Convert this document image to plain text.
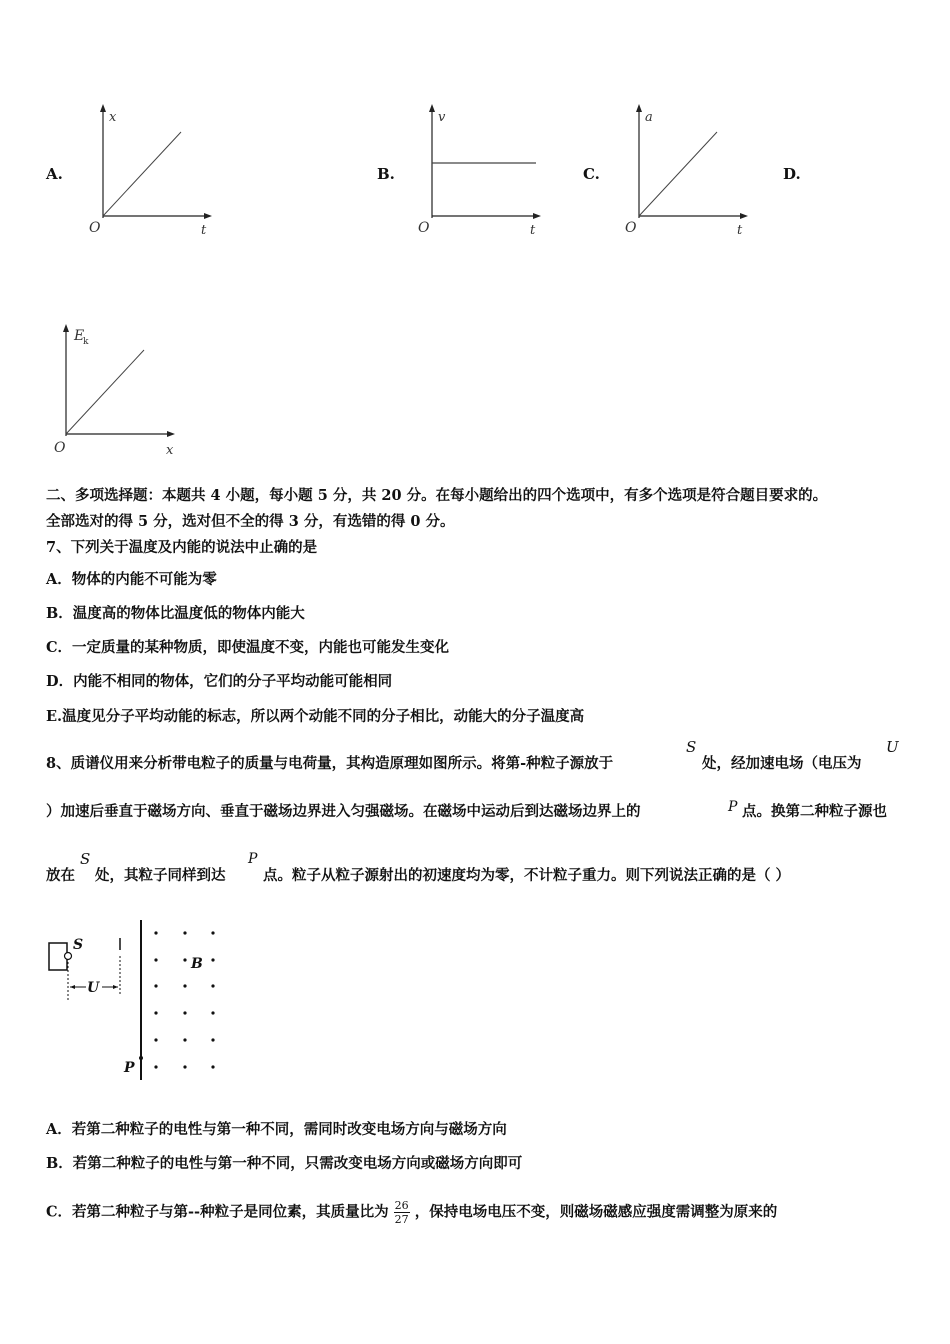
A.	B.	C.	D.
x
t
O
v
t
O
a
t
O
E
k
x
O
二、多项选择题：本题共 4 小题，每小题 5 分，共 20 分。在每小题给出的四个选项中，有多个选项是符合题目要求的。
全部选对的得 5 分，选对但不全的得 3 分，有选错的得 0 分。
7、下列关于温度及内能的说法中止确的是
A．物体的内能不可能为零
B．温度高的物体比温度低的物体内能大
C．一定质量的某种物质，即使温度不变，内能也可能发生变化
D．内能不相同的物体，它们的分子平均动能可能相同
E.温度见分子平均动能的标志，所以两个动能不同的分子相比，动能大的分子温度高
8、质谱仪用来分析带电粒子的质量与电荷量，其构造原理如图所示。将第-种粒子源放于
S
处，经加速电场（电压为
U
）加速后垂直于磁场方向、垂直于磁场边界进入匀强磁场。在磁场中运动后到达磁场边界上的	P 点。换第二种粒子源也
放在
S
处，其粒子同样到达
P
点。粒子从粒子源射出的初速度均为零，不计粒子重力。则下列说法正确的是（ ）
S
U
B
P
A．若第二种粒子的电性与第一种不同，需同时改变电场方向与磁场方向
B．若第二种粒子的电性与第一种不同，只需改变电场方向或磁场方向即可
C．若第二种粒子与第--种粒子是同位素，其质量比为 $\frac{26}{27}$ ，保持电场电压不变，则磁场磁感应强度需调整为原来的
